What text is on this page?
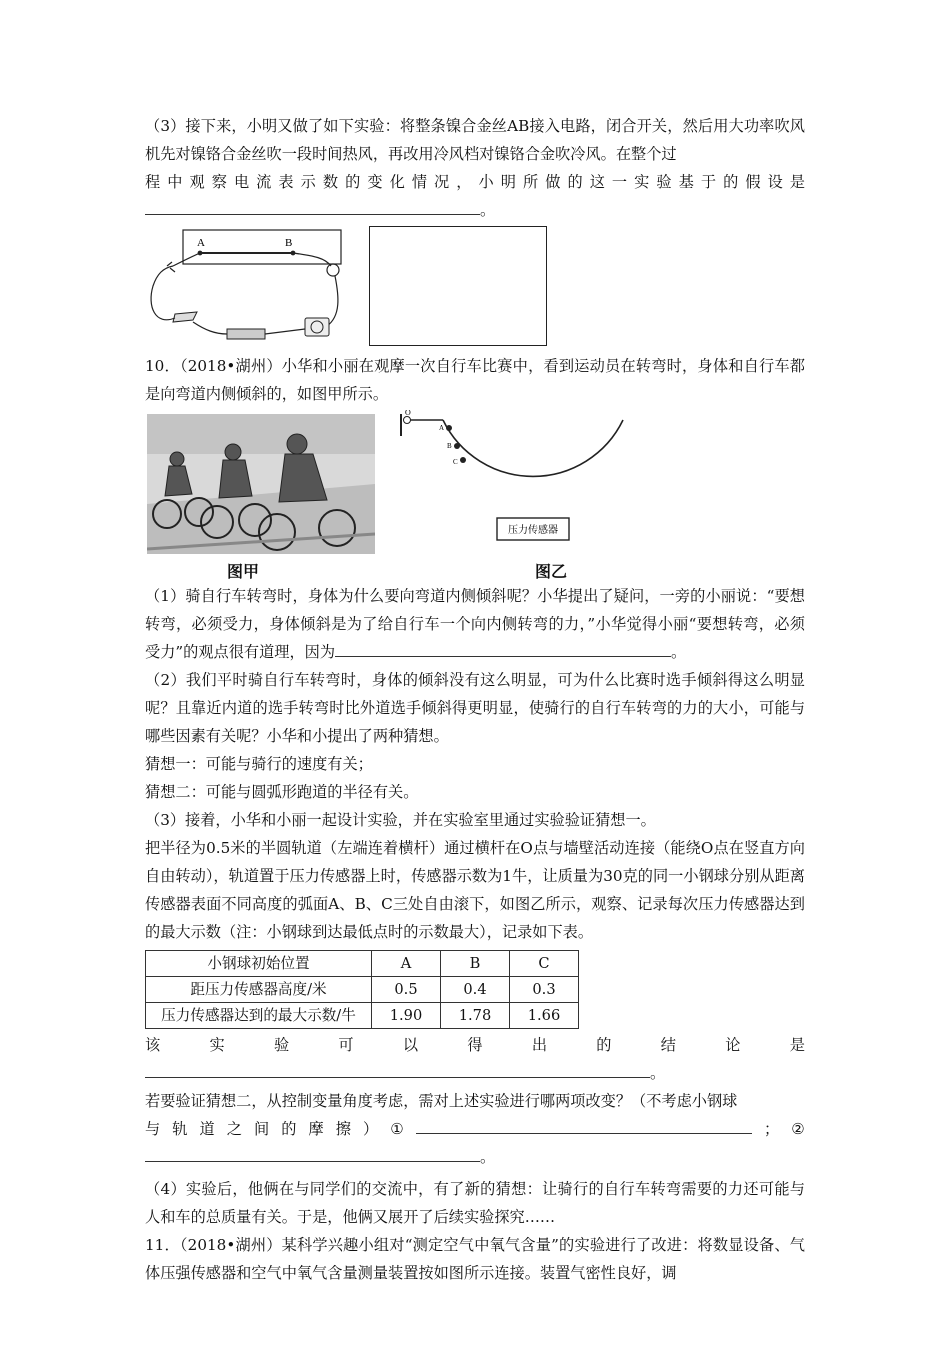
（3）接下来，小明又做了如下实验：将整条镍合金丝AB接入电路，闭合开关，然后用大功率吹风机先对镍铬合金丝吹一段时间热风，再改用冷风档对镍铬合金吹冷风。在整个过

程 中 观 察 电 流 表 示 数 的 变 化 情 况 ， 小 明 所 做 的 这 一 实 验 基 于 的 假 设 是
。
A	B

10．（2018•湖州）小华和小丽在观摩一次自行车比赛中，看到运动员在转弯时，身体和自行车都是向弯道内侧倾斜的，如图甲所示。

O
A
B
C
压力传感器
图甲	图乙

（1）骑自行车转弯时，身体为什么要向弯道内侧倾斜呢？小华提出了疑问，一旁的小丽说：“要想转弯，必须受力，身体倾斜是为了给自行车一个向内侧转弯的力，”小华觉得小丽“要想转弯，必须受力”的观点很有道理，因为	。

（2）我们平时骑自行车转弯时，身体的倾斜没有这么明显，可为什么比赛时选手倾斜得这么明显呢？且靠近内道的选手转弯时比外道选手倾斜得更明显，使骑行的自行车转弯的力的大小，可能与哪些因素有关呢？小华和小提出了两种猜想。

猜想一：可能与骑行的速度有关；

猜想二：可能与圆弧形跑道的半径有关。

（3）接着，小华和小丽一起设计实验，并在实验室里通过实验验证猜想一。

把半径为0.5米的半圆轨道（左端连着横杆）通过横杆在O点与墙壁活动连接（能绕O点在竖直方向自由转动），轨道置于压力传感器上时，传感器示数为1牛，让质量为30克的同一小钢球分别从距离传感器表面不同高度的弧面A、B、C三处自由滚下，如图乙所示，观察、记录每次压力传感器达到的最大示数（注：小钢球到达最低点时的示数最大），记录如下表。

小钢球初始位置	A	B	C
距压力传感器高度/米	0.5	0.4	0.3
压力传感器达到的最大示数/牛	1.90	1.78	1.66
该	实	验	可	以	得	出	的	结	论	是
。

若要验证猜想二，从控制变量角度考虑，需对上述实验进行哪两项改变？（不考虑小钢球

与 轨 道 之 间 的 摩 擦 ） ①	； ②
。

（4）实验后，他俩在与同学们的交流中，有了新的猜想：让骑行的自行车转弯需要的力还可能与人和车的总质量有关。于是，他俩又展开了后续实验探究……

11．（2018•湖州）某科学兴趣小组对“测定空气中氧气含量”的实验进行了改进：将数显设备、气体压强传感器和空气中氧气含量测量装置按如图所示连接。装置气密性良好，调
